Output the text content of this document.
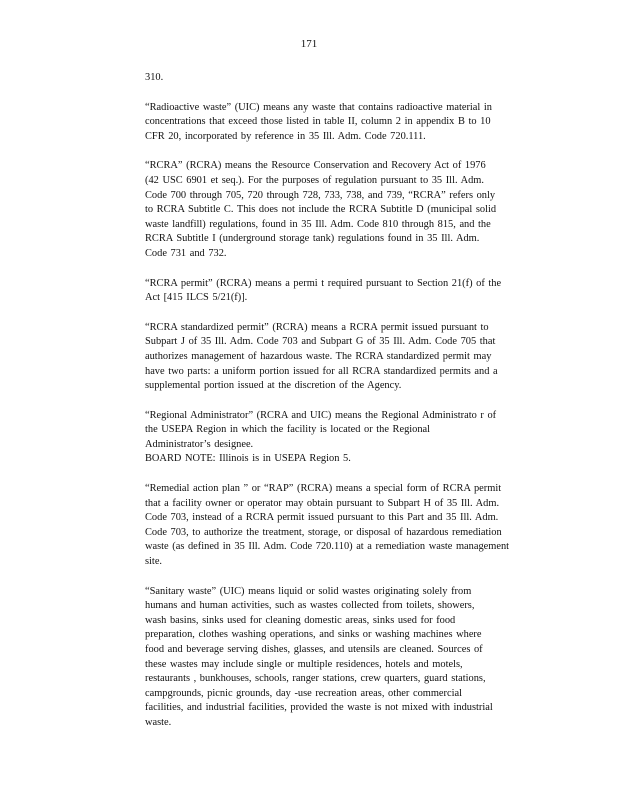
171

310.

“Radioactive waste” (UIC) means any waste that contains radioactive material in
concentrations that exceed those listed in table II, column 2 in appendix B to 10
CFR 20, incorporated by reference in 35 Ill. Adm. Code 720.111.

“RCRA” (RCRA) means the Resource Conservation and Recovery Act of 1976
(42 USC 6901 et seq.). For the purposes of regulation pursuant to 35 Ill. Adm.
Code 700 through 705, 720 through 728, 733, 738, and 739, “RCRA” refers only
to RCRA Subtitle C. This does not include the RCRA Subtitle D (municipal solid
waste landfill) regulations, found in 35 Ill. Adm. Code 810 through 815, and the
RCRA Subtitle I (underground storage tank) regulations found in 35 Ill. Adm.
Code 731 and 732.

“RCRA permit” (RCRA) means a permi t required pursuant to Section 21(f) of the
Act [415 ILCS 5/21(f)].

“RCRA standardized permit” (RCRA) means a RCRA permit issued pursuant to
Subpart J of 35 Ill. Adm. Code 703 and Subpart G of 35 Ill. Adm. Code 705 that
authorizes management of hazardous waste. The RCRA standardized permit may
have two parts: a uniform portion issued for all RCRA standardized permits and a
supplemental portion issued at the discretion of the Agency.

“Regional Administrator” (RCRA and UIC) means the Regional Administrato r of
the USEPA Region in which the facility is located or the Regional
Administrator’s designee.
BOARD NOTE: Illinois is in USEPA Region 5.

“Remedial action plan ” or “RAP” (RCRA) means a special form of RCRA permit
that a facility owner or operator may obtain pursuant to Subpart H of 35 Ill. Adm.
Code 703, instead of a RCRA permit issued pursuant to this Part and 35 Ill. Adm.
Code 703, to authorize the treatment, storage, or disposal of hazardous remediation
waste (as defined in 35 Ill. Adm. Code 720.110) at a remediation waste management
site.

“Sanitary waste” (UIC) means liquid or solid wastes originating solely from
humans and human activities, such as wastes collected from toilets, showers,
wash basins, sinks used for cleaning domestic areas, sinks used for food
preparation, clothes washing operations, and sinks or washing machines where
food and beverage serving dishes, glasses, and utensils are cleaned. Sources of
these wastes may include single or multiple residences, hotels and motels,
restaurants , bunkhouses, schools, ranger stations, crew quarters, guard stations,
campgrounds, picnic grounds, day -use recreation areas, other commercial
facilities, and industrial facilities, provided the waste is not mixed with industrial
waste.
